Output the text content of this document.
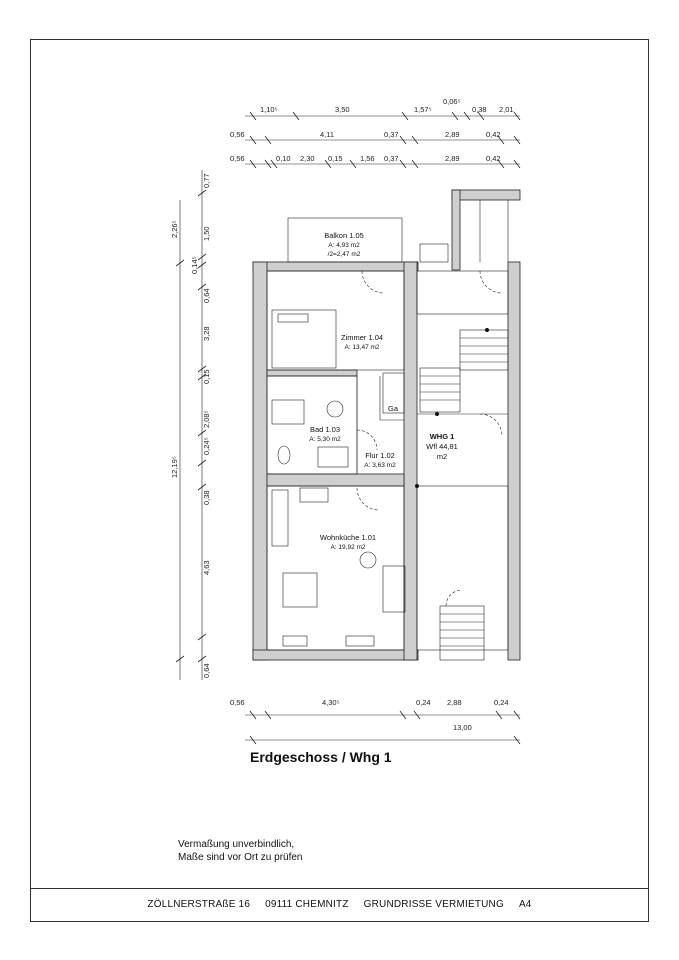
1,10⁵	3,50	1,57⁵
0,06⁵
0,38 2,01
0,56	4,11	0,37	2,89	0,42
0,56	0,10 2,30 0,15 1,56 0,37	2,89	0,42
0,77
2,26⁵	1,50
0,14⁵
0,64
3,28
0,15
2,08⁵
0,24⁵
0,38
4,63
0,64
12,19⁵
0,56	4,30⁵	0,24 2,88	0,24
13,00
Balkon 1.05
A: 4,93 m2
/2=2,47 m2
Zimmer 1.04
A: 13,47 m2
Bad 1.03
A: 5,30 m2
Flur 1.02
A: 3,63 m2
Wohnküche 1.01
A: 19,92 m2
Ga
WHG 1
Wfl 44,81
m2
Erdgeschoss / Whg 1
Vermaßung unverbindlich,
Maße sind vor Ort zu prüfen
ZÖLLNERSTRAßE 16 09111 CHEMNITZ GRUNDRISSE VERMIETUNG A4
